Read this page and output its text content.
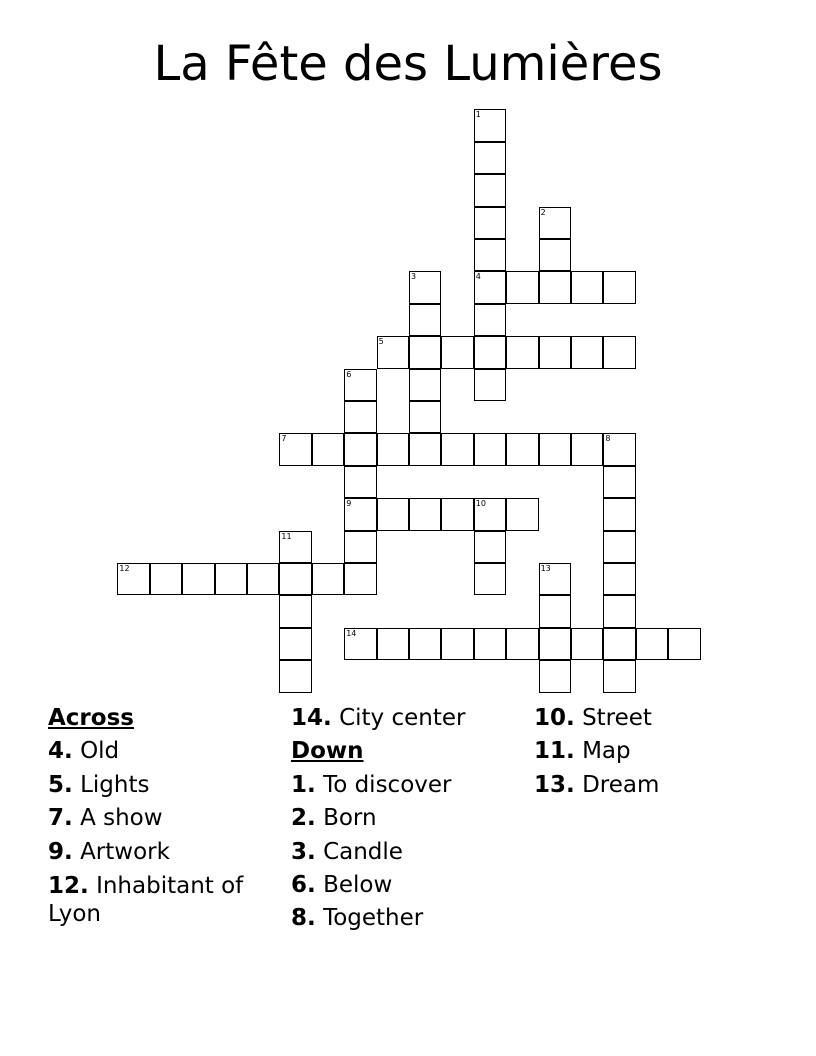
La Fête des Lumières
1
2
3	4
5
6
7	8
9	10
11
12	13
14
Across
4. Old
5. Lights
7. A show
9. Artwork
12. Inhabitant of Lyon
14. City center
Down
1. To discover
2. Born
3. Candle
6. Below
8. Together
10. Street
11. Map
13. Dream
